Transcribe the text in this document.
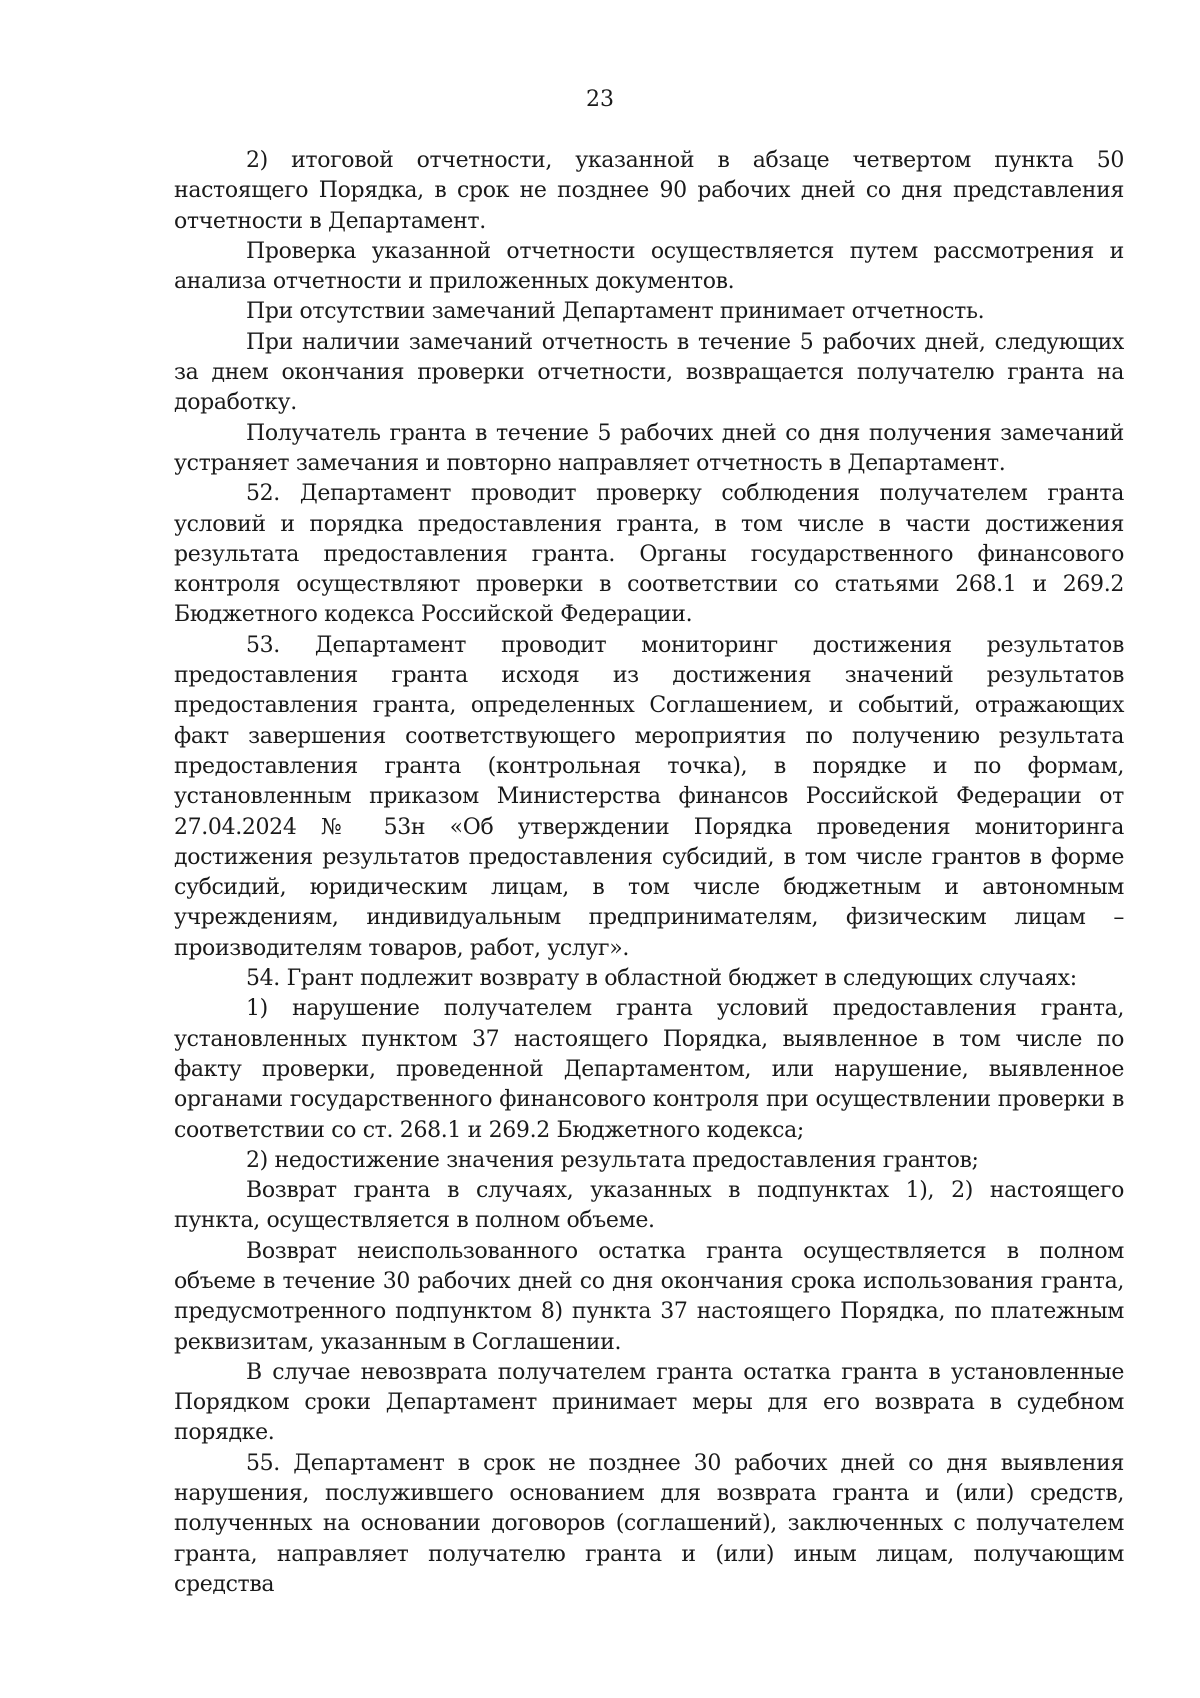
23

2) итоговой отчетности, указанной в абзаце четвертом пункта 50 настоящего Порядка, в срок не позднее 90 рабочих дней со дня представления отчетности в Департамент.

Проверка указанной отчетности осуществляется путем рассмотрения и анализа отчетности и приложенных документов.

При отсутствии замечаний Департамент принимает отчетность.

При наличии замечаний отчетность в течение 5 рабочих дней, следующих за днем окончания проверки отчетности, возвращается получателю гранта на доработку.

Получатель гранта в течение 5 рабочих дней со дня получения замечаний устраняет замечания и повторно направляет отчетность в Департамент.

52. Департамент проводит проверку соблюдения получателем гранта условий и порядка предоставления гранта, в том числе в части достижения результата предоставления гранта. Органы государственного финансового контроля осуществляют проверки в соответствии со статьями 268.1 и 269.2 Бюджетного кодекса Российской Федерации.

53. Департамент проводит мониторинг достижения результатов предоставления гранта исходя из достижения значений результатов предоставления гранта, определенных Соглашением, и событий, отражающих факт завершения соответствующего мероприятия по получению результата предоставления гранта (контрольная точка), в порядке и по формам, установленным приказом Министерства финансов Российской Федерации от 27.04.2024 № 53н «Об утверждении Порядка проведения мониторинга достижения результатов предоставления субсидий, в том числе грантов в форме субсидий, юридическим лицам, в том числе бюджетным и автономным учреждениям, индивидуальным предпринимателям, физическим лицам – производителям товаров, работ, услуг».

54. Грант подлежит возврату в областной бюджет в следующих случаях:

1) нарушение получателем гранта условий предоставления гранта, установленных пунктом 37 настоящего Порядка, выявленное в том числе по факту проверки, проведенной Департаментом, или нарушение, выявленное органами государственного финансового контроля при осуществлении проверки в соответствии со ст. 268.1 и 269.2 Бюджетного кодекса;

2) недостижение значения результата предоставления грантов;

Возврат гранта в случаях, указанных в подпунктах 1), 2) настоящего пункта, осуществляется в полном объеме.

Возврат неиспользованного остатка гранта осуществляется в полном объеме в течение 30 рабочих дней со дня окончания срока использования гранта, предусмотренного подпунктом 8) пункта 37 настоящего Порядка, по платежным реквизитам, указанным в Соглашении.

В случае невозврата получателем гранта остатка гранта в установленные Порядком сроки Департамент принимает меры для его возврата в судебном порядке.

55. Департамент в срок не позднее 30 рабочих дней со дня выявления нарушения, послужившего основанием для возврата гранта и (или) средств, полученных на основании договоров (соглашений), заключенных с получателем гранта, направляет получателю гранта и (или) иным лицам, получающим средства
